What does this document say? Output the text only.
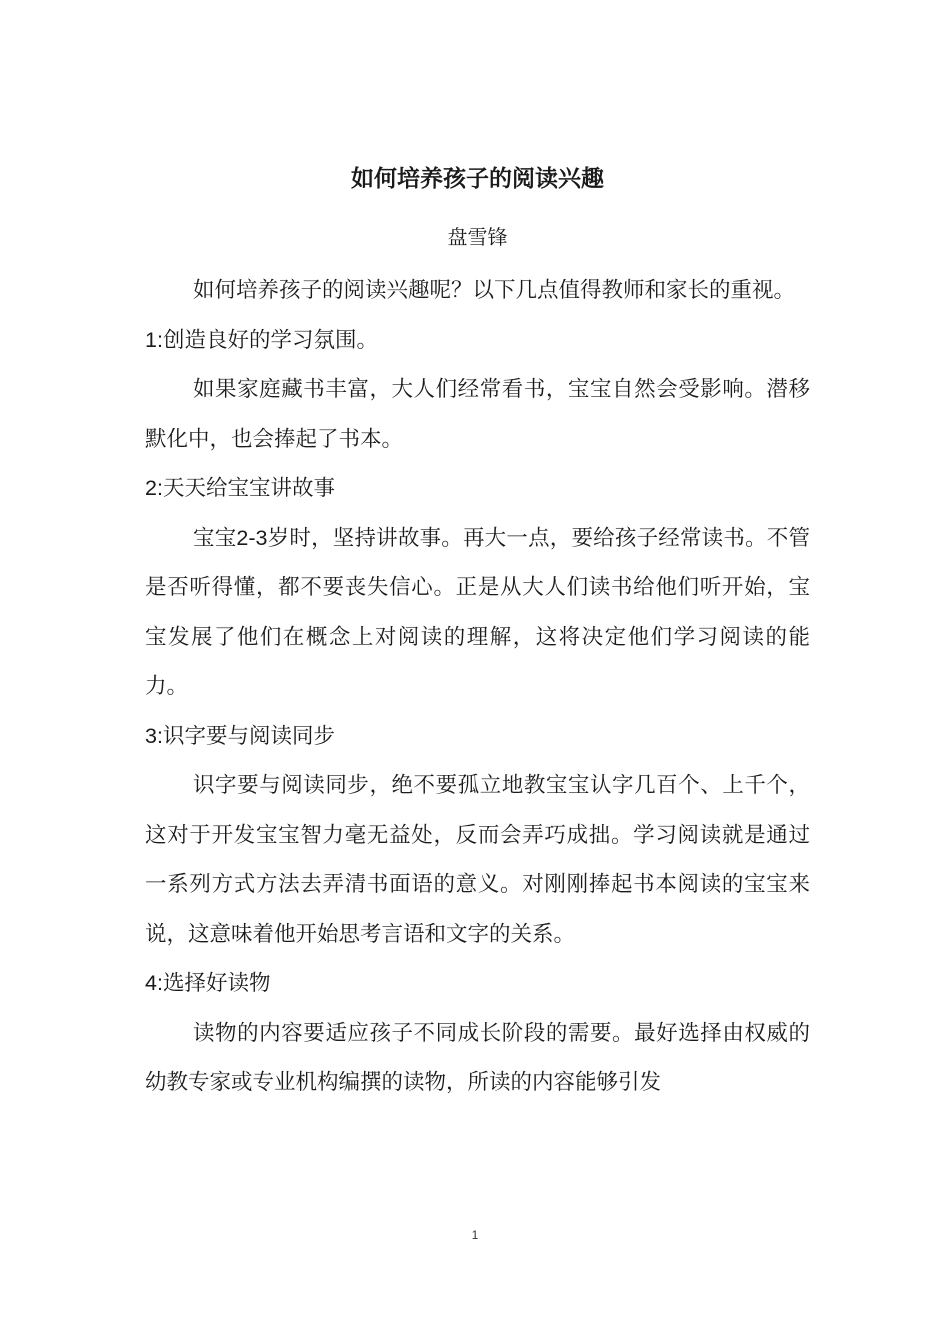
如何培养孩子的阅读兴趣

盘雪锋

如何培养孩子的阅读兴趣呢？以下几点值得教师和家长的重视。

1:创造良好的学习氛围。

如果家庭藏书丰富，大人们经常看书，宝宝自然会受影响。潜移默化中，也会捧起了书本。

2:天天给宝宝讲故事

宝宝2-3岁时，坚持讲故事。再大一点，要给孩子经常读书。不管是否听得懂，都不要丧失信心。正是从大人们读书给他们听开始，宝宝发展了他们在概念上对阅读的理解，这将决定他们学习阅读的能力。

3:识字要与阅读同步

识字要与阅读同步，绝不要孤立地教宝宝认字几百个、上千个，这对于开发宝宝智力毫无益处，反而会弄巧成拙。学习阅读就是通过一系列方式方法去弄清书面语的意义。对刚刚捧起书本阅读的宝宝来说，这意味着他开始思考言语和文字的关系。

4:选择好读物

读物的内容要适应孩子不同成长阶段的需要。最好选择由权威的幼教专家或专业机构编撰的读物，所读的内容能够引发

1
